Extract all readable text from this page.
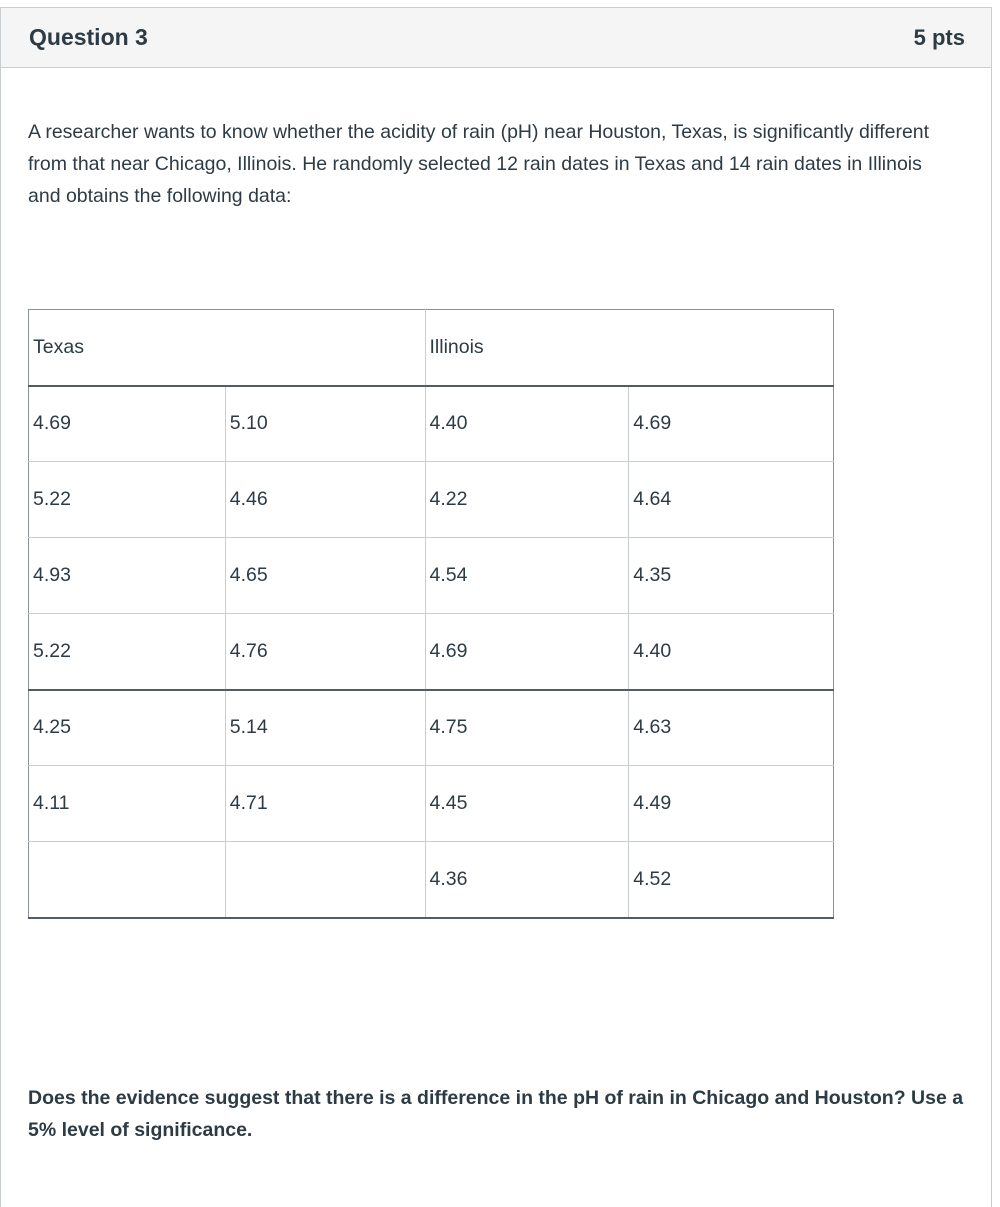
Question 3	5 pts

A researcher wants to know whether the acidity of rain (pH) near Houston, Texas, is significantly different from that near Chicago, Illinois. He randomly selected 12 rain dates in Texas and 14 rain dates in Illinois and obtains the following data:

Texas		Illinois	
4.69	5.10	4.40	4.69
5.22	4.46	4.22	4.64
4.93	4.65	4.54	4.35
5.22	4.76	4.69	4.40
4.25	5.14	4.75	4.63
4.11	4.71	4.45	4.49
		4.36	4.52

Does the evidence suggest that there is a difference in the pH of rain in Chicago and Houston? Use a 5% level of significance.
